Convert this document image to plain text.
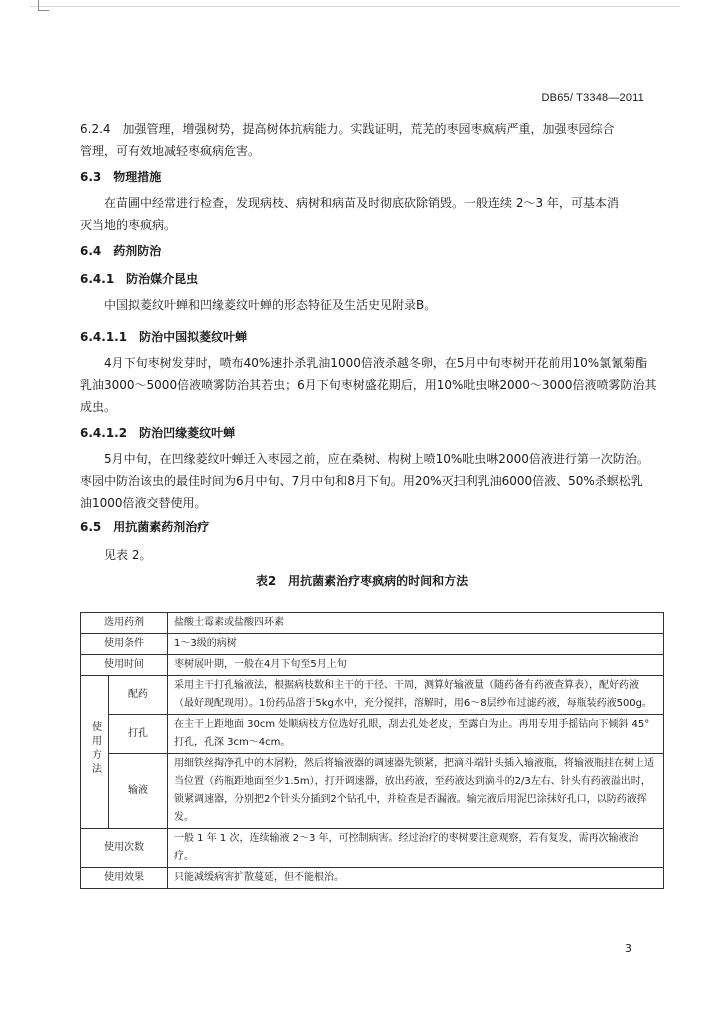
DB65/ T3348—2011
6.2.4 加强管理，增强树势，提高树体抗病能力。实践证明，荒芜的枣园枣疯病严重，加强枣园综合
管理，可有效地减轻枣疯病危害。
6.3 物理措施
在苗圃中经常进行检查，发现病枝、病树和病苗及时彻底砍除销毁。一般连续 2～3 年，可基本消
灭当地的枣疯病。
6.4 药剂防治
6.4.1 防治媒介昆虫
中国拟菱纹叶蝉和凹缘菱纹叶蝉的形态特征及生活史见附录B。
6.4.1.1 防治中国拟菱纹叶蝉
4月下旬枣树发芽时，喷布40%速扑杀乳油1000倍液杀越冬卵，在5月中旬枣树开花前用10%氯氰菊酯
乳油3000～5000倍液喷雾防治其若虫；6月下旬枣树盛花期后，用10%吡虫啉2000～3000倍液喷雾防治其
成虫。
6.4.1.2 防治凹缘菱纹叶蝉
5月中旬，在凹缘菱纹叶蝉迁入枣园之前，应在桑树、构树上喷10%吡虫啉2000倍液进行第一次防治。
枣园中防治该虫的最佳时间为6月中旬、7月中旬和8月下旬。用20%灭扫利乳油6000倍液、50%杀螟松乳
油1000倍液交替使用。
6.5 用抗菌素药剂治疗
见表 2。
表2　用抗菌素治疗枣疯病的时间和方法
选用药剂		盐酸土霉素或盐酸四环素
使用条件		1～3级的病树
使用时间		枣树展叶期，一般在4月下旬至5月上旬
使用方法	配药	采用主干打孔输液法，根据病枝数和主干的干径、干周，测算好输液量（随药备有药液查算表），配好药液（最好现配现用）。1份药品溶于5kg水中，充分搅拌，溶解时，用6～8层纱布过滤药液，每瓶装药液500g。
	打孔	在主干上距地面 30cm 处顺病枝方位选好孔眼，刮去孔处老皮，至露白为止。再用专用手摇钻向下倾斜 45°打孔，孔深 3cm～4cm。
	输液	用细铁丝掏净孔中的木屑粉，然后将输液器的调速器先锁紧，把滴斗端针头插入输液瓶，将输液瓶挂在树上适当位置（药瓶距地面至少1.5m），打开调速器，放出药液，至药液达到滴斗的2/3左右、针头有药液溢出时，锁紧调速器，分别把2个针头分插到2个钻孔中，并检查是否漏液。输完液后用泥巴涂抹好孔口，以防药液挥发。
使用次数		一般 1 年 1 次，连续输液 2～3 年，可控制病害。经过治疗的枣树要注意观察，若有复发，需再次输液治疗。
使用效果		只能减缓病害扩散蔓延，但不能根治。
3
